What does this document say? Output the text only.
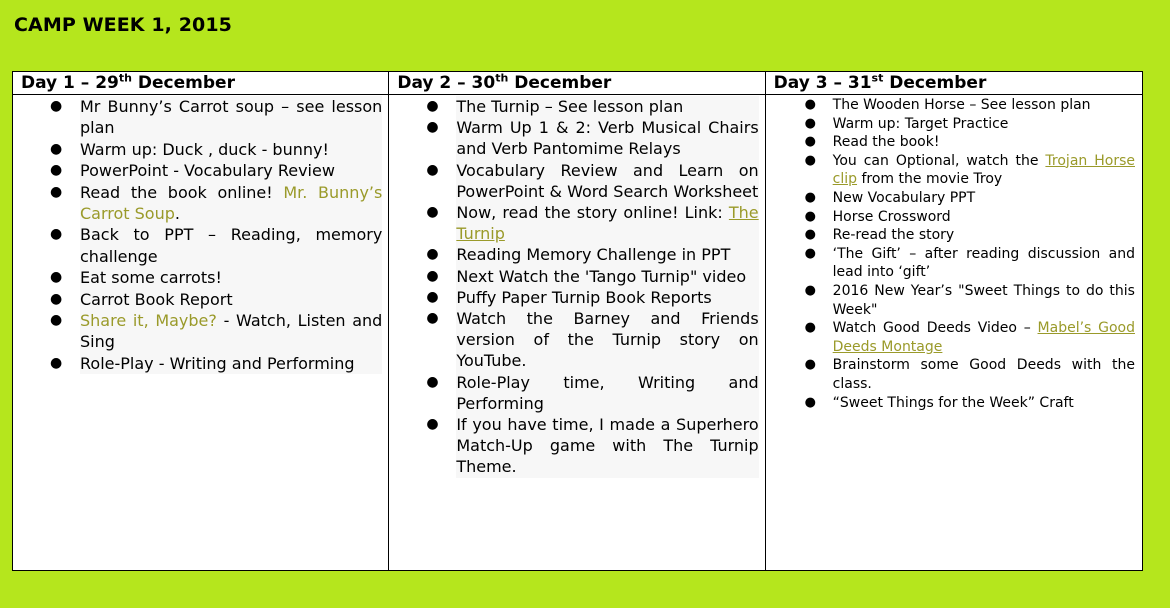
CAMP WEEK 1, 2015
Day 1 – 29th December
● Mr Bunny’s Carrot soup – see lesson plan
● Warm up: Duck , duck - bunny!
● PowerPoint - Vocabulary Review
● Read the book online! Mr. Bunny’s Carrot Soup.
● Back to PPT – Reading, memory challenge
● Eat some carrots!
● Carrot Book Report
● Share it, Maybe? - Watch, Listen and Sing
● Role-Play - Writing and Performing
Day 2 – 30th December
● The Turnip – See lesson plan
● Warm Up 1 & 2: Verb Musical Chairs and Verb Pantomime Relays
● Vocabulary Review and Learn on PowerPoint & Word Search Worksheet
● Now, read the story online! Link: The Turnip
● Reading Memory Challenge in PPT
● Next Watch the 'Tango Turnip" video
● Puffy Paper Turnip Book Reports
● Watch the Barney and Friends version of the Turnip story on YouTube.
● Role-Play time, Writing and Performing
● If you have time, I made a Superhero Match-Up game with The Turnip Theme.
Day 3 – 31st December
● The Wooden Horse – See lesson plan
● Warm up: Target Practice
● Read the book!
● You can Optional, watch the Trojan Horse clip from the movie Troy
● New Vocabulary PPT
● Horse Crossword
● Re-read the story
● ‘The Gift’ – after reading discussion and lead into ‘gift’
● 2016 New Year’s "Sweet Things to do this Week"
● Watch Good Deeds Video – Mabel’s Good Deeds Montage
● Brainstorm some Good Deeds with the class.
● “Sweet Things for the Week” Craft
